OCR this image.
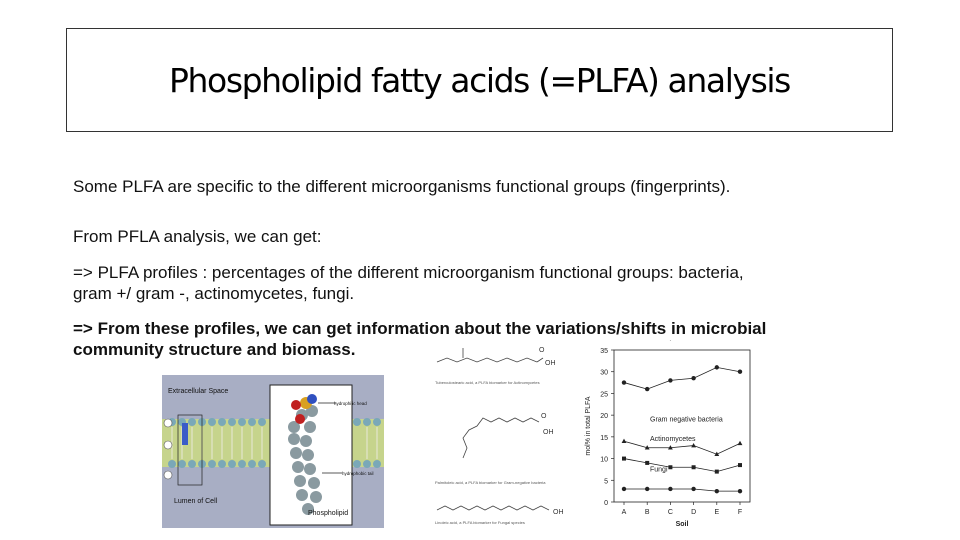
Phospholipid fatty acids (=PLFA) analysis
Some PLFA are specific to the different microorganisms functional groups (fingerprints).
From PFLA analysis, we can get:
=> PLFA profiles : percentages of the different microorganism functional groups: bacteria,
gram +/ gram -, actinomycetes, fungi.
=> From these profiles, we can get information about the variations/shifts in microbial
community structure and biomass.
Extracellular Space
hydrophilic head
hydrophobic tail
Lumen of Cell
Phospholipid
O
OH
Tuberculostearic acid, a PLFA biomarker for Actinomycetes
O
OH
Palmitoleic acid, a PLFA biomarker for Gram-negative bacteria
OH
Linoleic acid, a PLFA biomarker for Fungal species
0
5
10
15
20
25
30
35
A	B	C	D	E	F
Soil
mol% in total PLFA	Gram negative bacteria
Actinomycetes
Fungi
